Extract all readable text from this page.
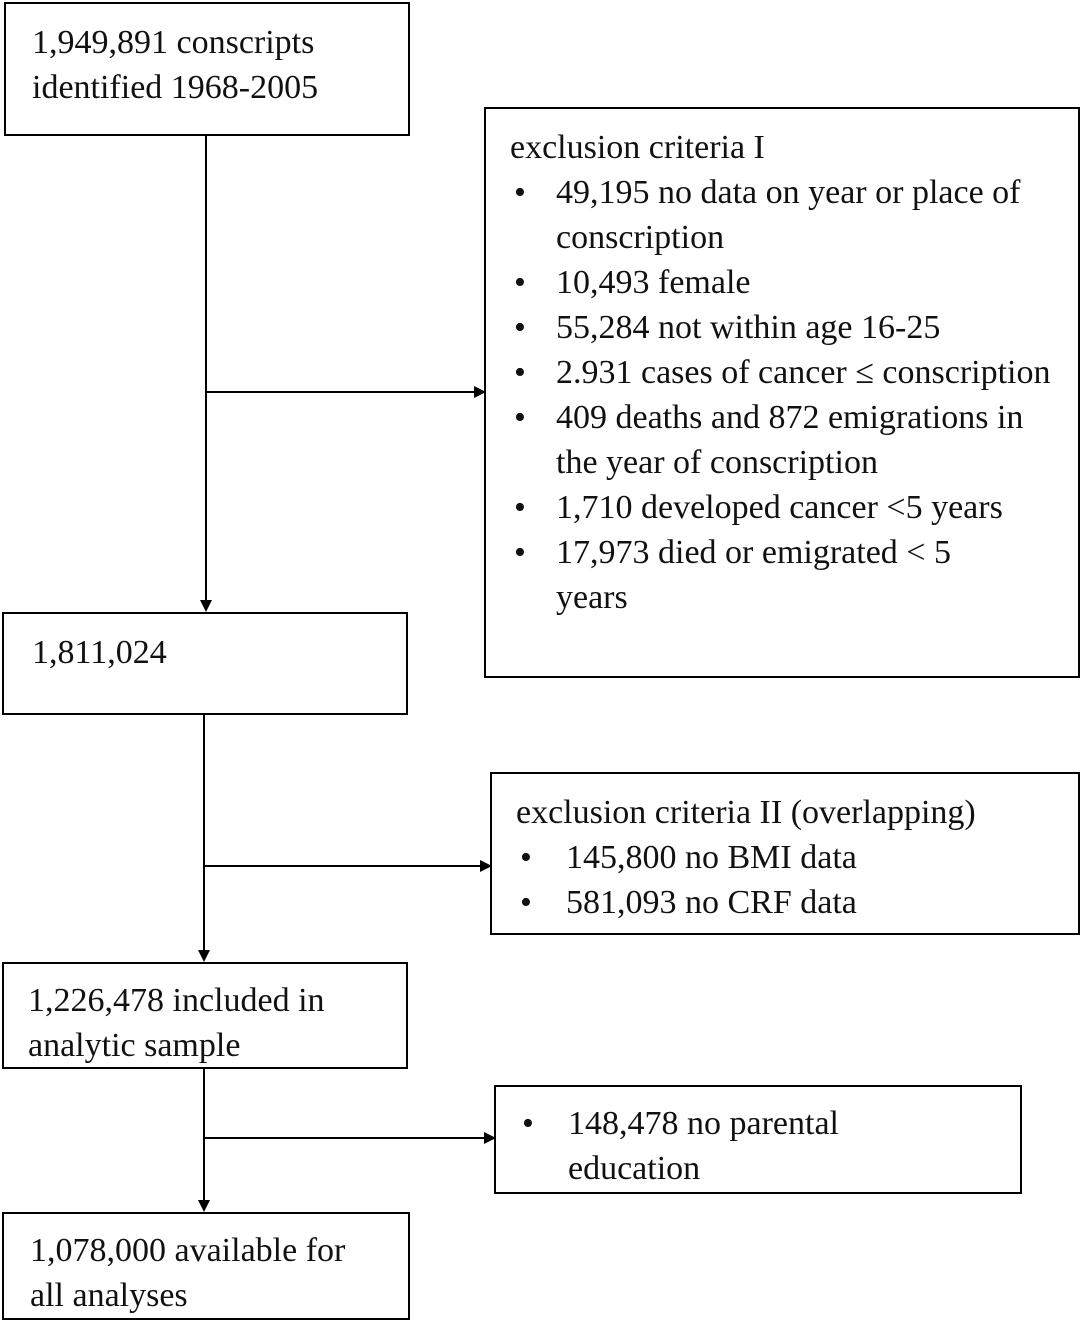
1,949,891 conscripts
identified 1968-2005
exclusion criteria I
• 49,195 no data on year or place of conscription
• 10,493 female
• 55,284 not within age 16-25
• 2.931 cases of cancer ≤ conscription
• 409 deaths and 872 emigrations in the year of conscription
• 1,710 developed cancer <5 years
• 17,973 died or emigrated < 5 years
1,811,024
exclusion criteria II (overlapping)
• 145,800 no BMI data
• 581,093 no CRF data
1,226,478 included in
analytic sample
• 148,478 no parental education
1,078,000 available for
all analyses
